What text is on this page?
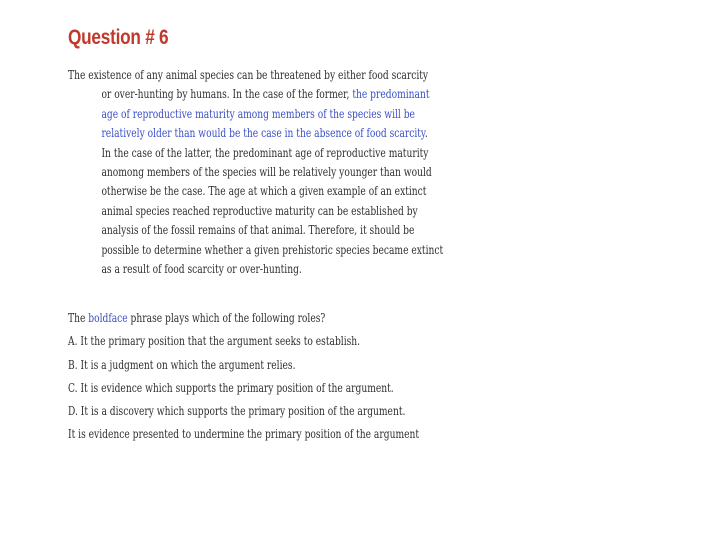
Question # 6
The existence of any animal species can be threatened by either food scarcity
or over-hunting by humans. In the case of the former, the predominant
age of reproductive maturity among members of the species will be
relatively older than would be the case in the absence of food scarcity.
In the case of the latter, the predominant age of reproductive maturity
anomong members of the species will be relatively younger than would
otherwise be the case. The age at which a given example of an extinct
animal species reached reproductive maturity can be established by
analysis of the fossil remains of that animal. Therefore, it should be
possible to determine whether a given prehistoric species became extinct
as a result of food scarcity or over-hunting.
The boldface phrase plays which of the following roles?
A. It the primary position that the argument seeks to establish.
B. It is a judgment on which the argument relies.
C. It is evidence which supports the primary position of the argument.
D. It is a discovery which supports the primary position of the argument.
It is evidence presented to undermine the primary position of the argument
